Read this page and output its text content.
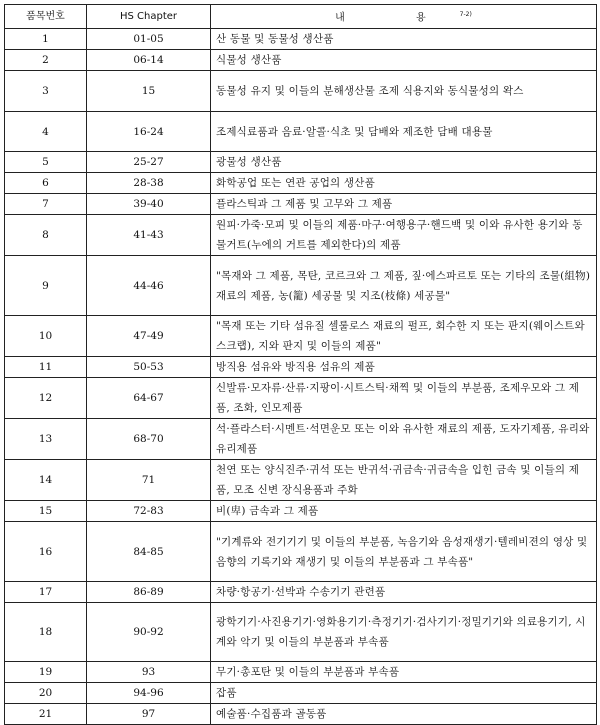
품목번호	HS Chapter	내 용$^{7-2)}$
1	01-05	산 동물 및 동물성 생산품
2	06-14	식물성 생산품
3	15	동물성 유지 및 이들의 분해생산물 조제 식용지와 동식물성의 왁스
4	16-24	조제식료품과 음료·알콜·식초 및 담배와 제조한 담배 대용물
5	25-27	광물성 생산품
6	28-38	화학공업 또는 연관 공업의 생산품
7	39-40	플라스틱과 그 제품 및 고무와 그 제품
8	41-43	원피·가죽·모피 및 이들의 제품·마구·여행용구·핸드백 및 이와 유사한 용기와 동물거트(누에의 거트를 제외한다)의 제품
9	44-46	"목재와 그 제품, 목탄, 코르크와 그 제품, 짚·에스파르토 또는 기타의 조물(組物)재료의 제품, 농(籠) 세공물 및 지조(枝條) 세공물"
10	47-49	"목재 또는 기타 섬유질 셀룰로스 재료의 펄프, 회수한 지 또는 판지(웨이스트와 스크랩), 지와 판지 및 이들의 제품"
11	50-53	방직용 섬유와 방직용 섬유의 제품
12	64-67	신발류·모자류·산류·지팡이·시트스틱·채찍 및 이들의 부분품, 조제우모와 그 제품, 조화, 인모제품
13	68-70	석·플라스터·시멘트·석면운모 또는 이와 유사한 재료의 제품, 도자기제품, 유리와 유리제품
14	71	천연 또는 양식진주·귀석 또는 반귀석·귀금속·귀금속을 입힌 금속 및 이들의 제품, 모조 신변 장식용품과 주화
15	72-83	비(卑) 금속과 그 제품
16	84-85	"기계류와 전기기기 및 이들의 부분품, 녹음기와 음성재생기·텔레비젼의 영상 및 음향의 기록기와 재생기 및 이들의 부분품과 그 부속품"
17	86-89	차량·항공기·선박과 수송기기 관련품
18	90-92	광학기기·사진용기기·영화용기기·측정기기·검사기기·정밀기기와 의료용기기, 시계와 악기 및 이들의 부분품과 부속품
19	93	무기·총포탄 및 이들의 부분품과 부속품
20	94-96	잡품
21	97	예술품·수집품과 골동품
